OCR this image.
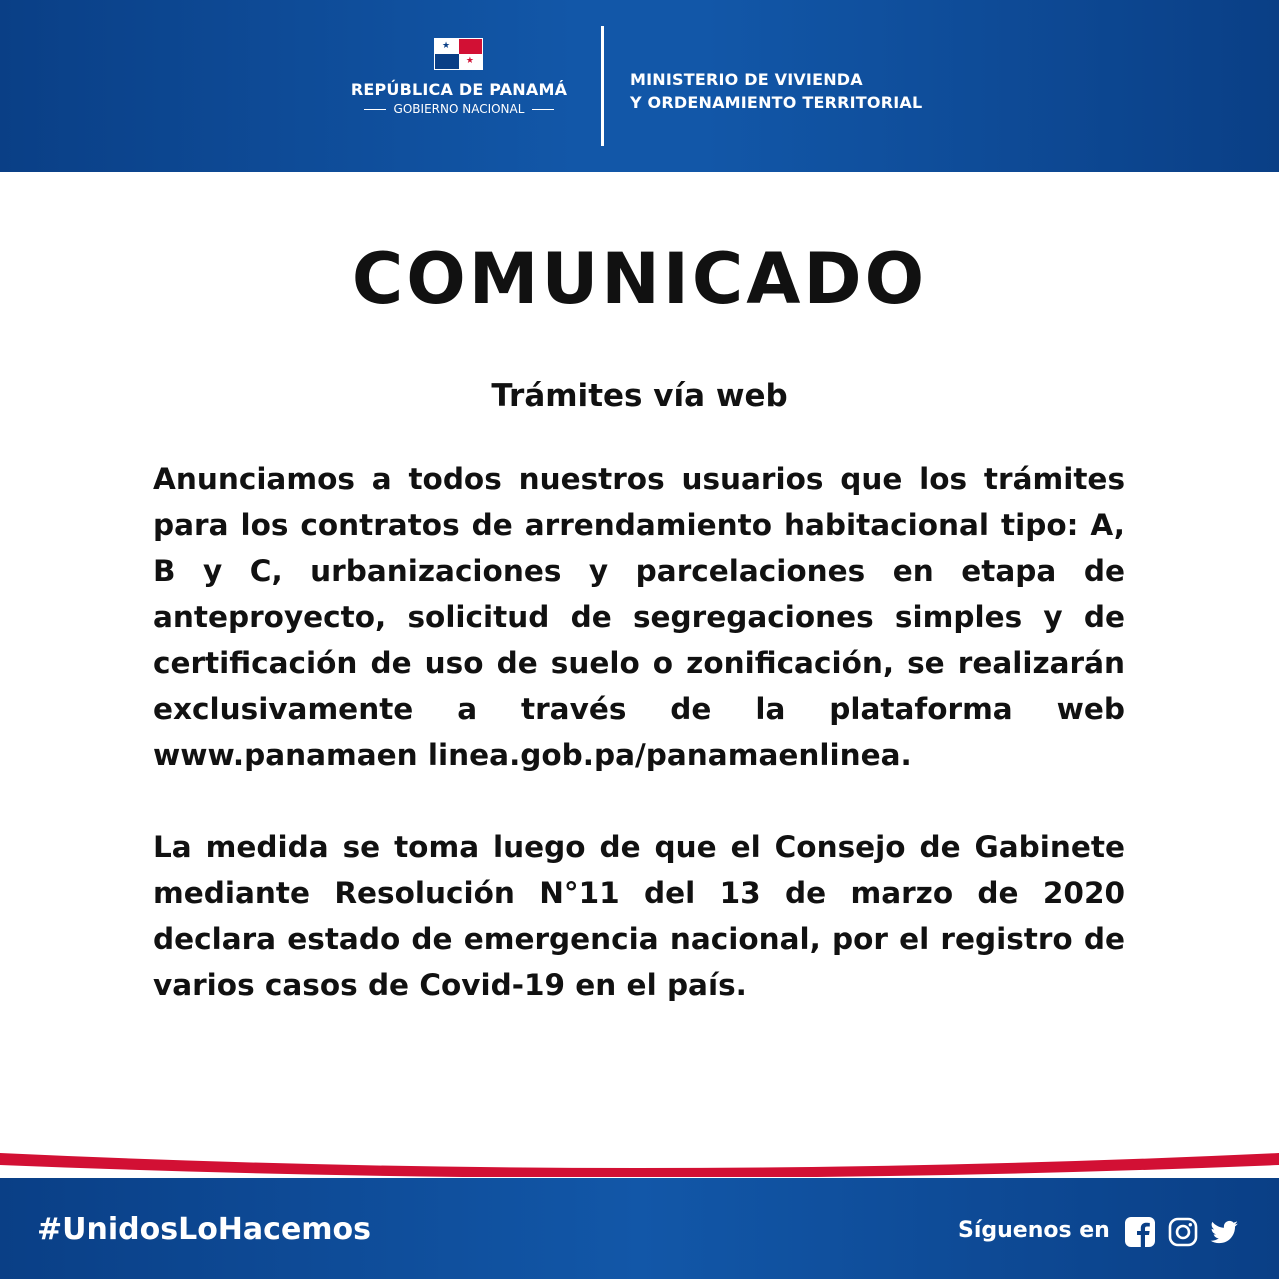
★
★
REPÚBLICA DE PANAMÁ
GOBIERNO NACIONAL
MINISTERIO DE VIVIENDA
Y ORDENAMIENTO TERRITORIAL
COMUNICADO
Trámites vía web

Anunciamos a todos nuestros usuarios que los trámites para los contratos de arrendamiento habitacional tipo: A, B y C, urbanizaciones y parcelaciones en etapa de anteproyecto, solicitud de segregaciones simples y de certificación de uso de suelo o zonificación, se realizarán exclusivamente a través de la plataforma web www.panamaen linea.gob.pa/panamaenlinea.

La medida se toma luego de que el Consejo de Gabinete mediante Resolución N°11 del 13 de marzo de 2020 declara estado de emergencia nacional, por el registro de varios casos de Covid-19 en el país.

#UnidosLoHacemos	Síguenos en
